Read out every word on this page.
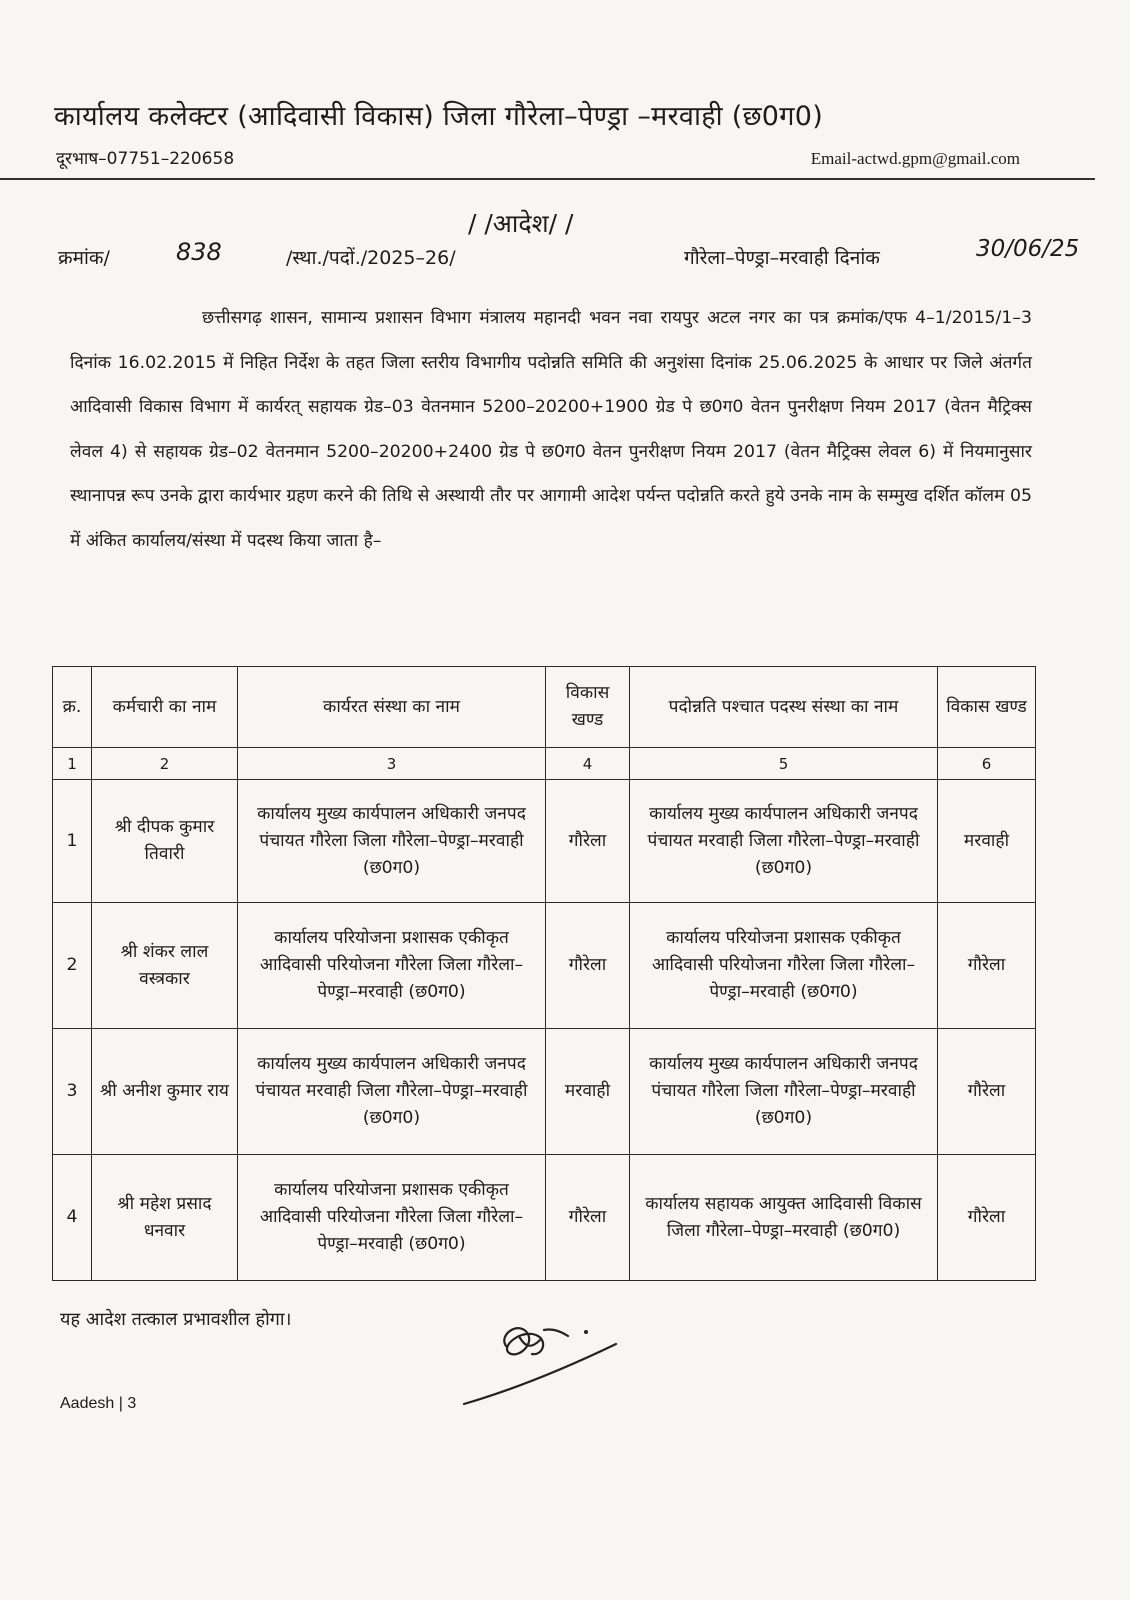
कार्यालय कलेक्टर (आदिवासी विकास) जिला गौरेला–पेण्ड्रा –मरवाही (छ0ग0)
दूरभाष–07751–220658	Email-actwd.gpm@gmail.com
/ /आदेश/ /
क्रमांक/	838	/स्था./पदों./2025–26/	गौरेला–पेण्ड्रा–मरवाही दिनांक	30/06/25
छत्तीसगढ़ शासन, सामान्य प्रशासन विभाग मंत्रालय महानदी भवन नवा रायपुर अटल नगर का पत्र क्रमांक/एफ 4–1/2015/1–3 दिनांक 16.02.2015 में निहित निर्देश के तहत जिला स्तरीय विभागीय पदोन्नति समिति की अनुशंसा दिनांक 25.06.2025 के आधार पर जिले अंतर्गत आदिवासी विकास विभाग में कार्यरत् सहायक ग्रेड–03 वेतनमान 5200–20200+1900 ग्रेड पे छ0ग0 वेतन पुनरीक्षण नियम 2017 (वेतन मैट्रिक्स लेवल 4) से सहायक ग्रेड–02 वेतनमान 5200–20200+2400 ग्रेड पे छ0ग0 वेतन पुनरीक्षण नियम 2017 (वेतन मैट्रिक्स लेवल 6) में नियमानुसार स्थानापन्न रूप उनके द्वारा कार्यभार ग्रहण करने की तिथि से अस्थायी तौर पर आगामी आदेश पर्यन्त पदोन्नति करते हुये उनके नाम के सम्मुख दर्शित कॉलम 05 में अंकित कार्यालय/संस्था में पदस्थ किया जाता है–
क्र.	कर्मचारी का नाम	कार्यरत संस्था का नाम	विकास खण्ड	पदोन्नति पश्चात पदस्थ संस्था का नाम	विकास खण्ड
1	2	3	4	5	6
1	श्री दीपक कुमार तिवारी	कार्यालय मुख्य कार्यपालन अधिकारी जनपद पंचायत गौरेला जिला गौरेला–पेण्ड्रा–मरवाही (छ0ग0)	गौरेला	कार्यालय मुख्य कार्यपालन अधिकारी जनपद पंचायत मरवाही जिला गौरेला–पेण्ड्रा–मरवाही (छ0ग0)	मरवाही
2	श्री शंकर लाल वस्त्रकार	कार्यालय परियोजना प्रशासक एकीकृत आदिवासी परियोजना गौरेला जिला गौरेला–पेण्ड्रा–मरवाही (छ0ग0)	गौरेला	कार्यालय परियोजना प्रशासक एकीकृत आदिवासी परियोजना गौरेला जिला गौरेला–पेण्ड्रा–मरवाही (छ0ग0)	गौरेला
3	श्री अनीश कुमार राय	कार्यालय मुख्य कार्यपालन अधिकारी जनपद पंचायत मरवाही जिला गौरेला–पेण्ड्रा–मरवाही (छ0ग0)	मरवाही	कार्यालय मुख्य कार्यपालन अधिकारी जनपद पंचायत गौरेला जिला गौरेला–पेण्ड्रा–मरवाही (छ0ग0)	गौरेला
4	श्री महेश प्रसाद धनवार	कार्यालय परियोजना प्रशासक एकीकृत आदिवासी परियोजना गौरेला जिला गौरेला–पेण्ड्रा–मरवाही (छ0ग0)	गौरेला	कार्यालय सहायक आयुक्त आदिवासी विकास जिला गौरेला–पेण्ड्रा–मरवाही (छ0ग0)	गौरेला
यह आदेश तत्काल प्रभावशील होगा।
Aadesh | 3
